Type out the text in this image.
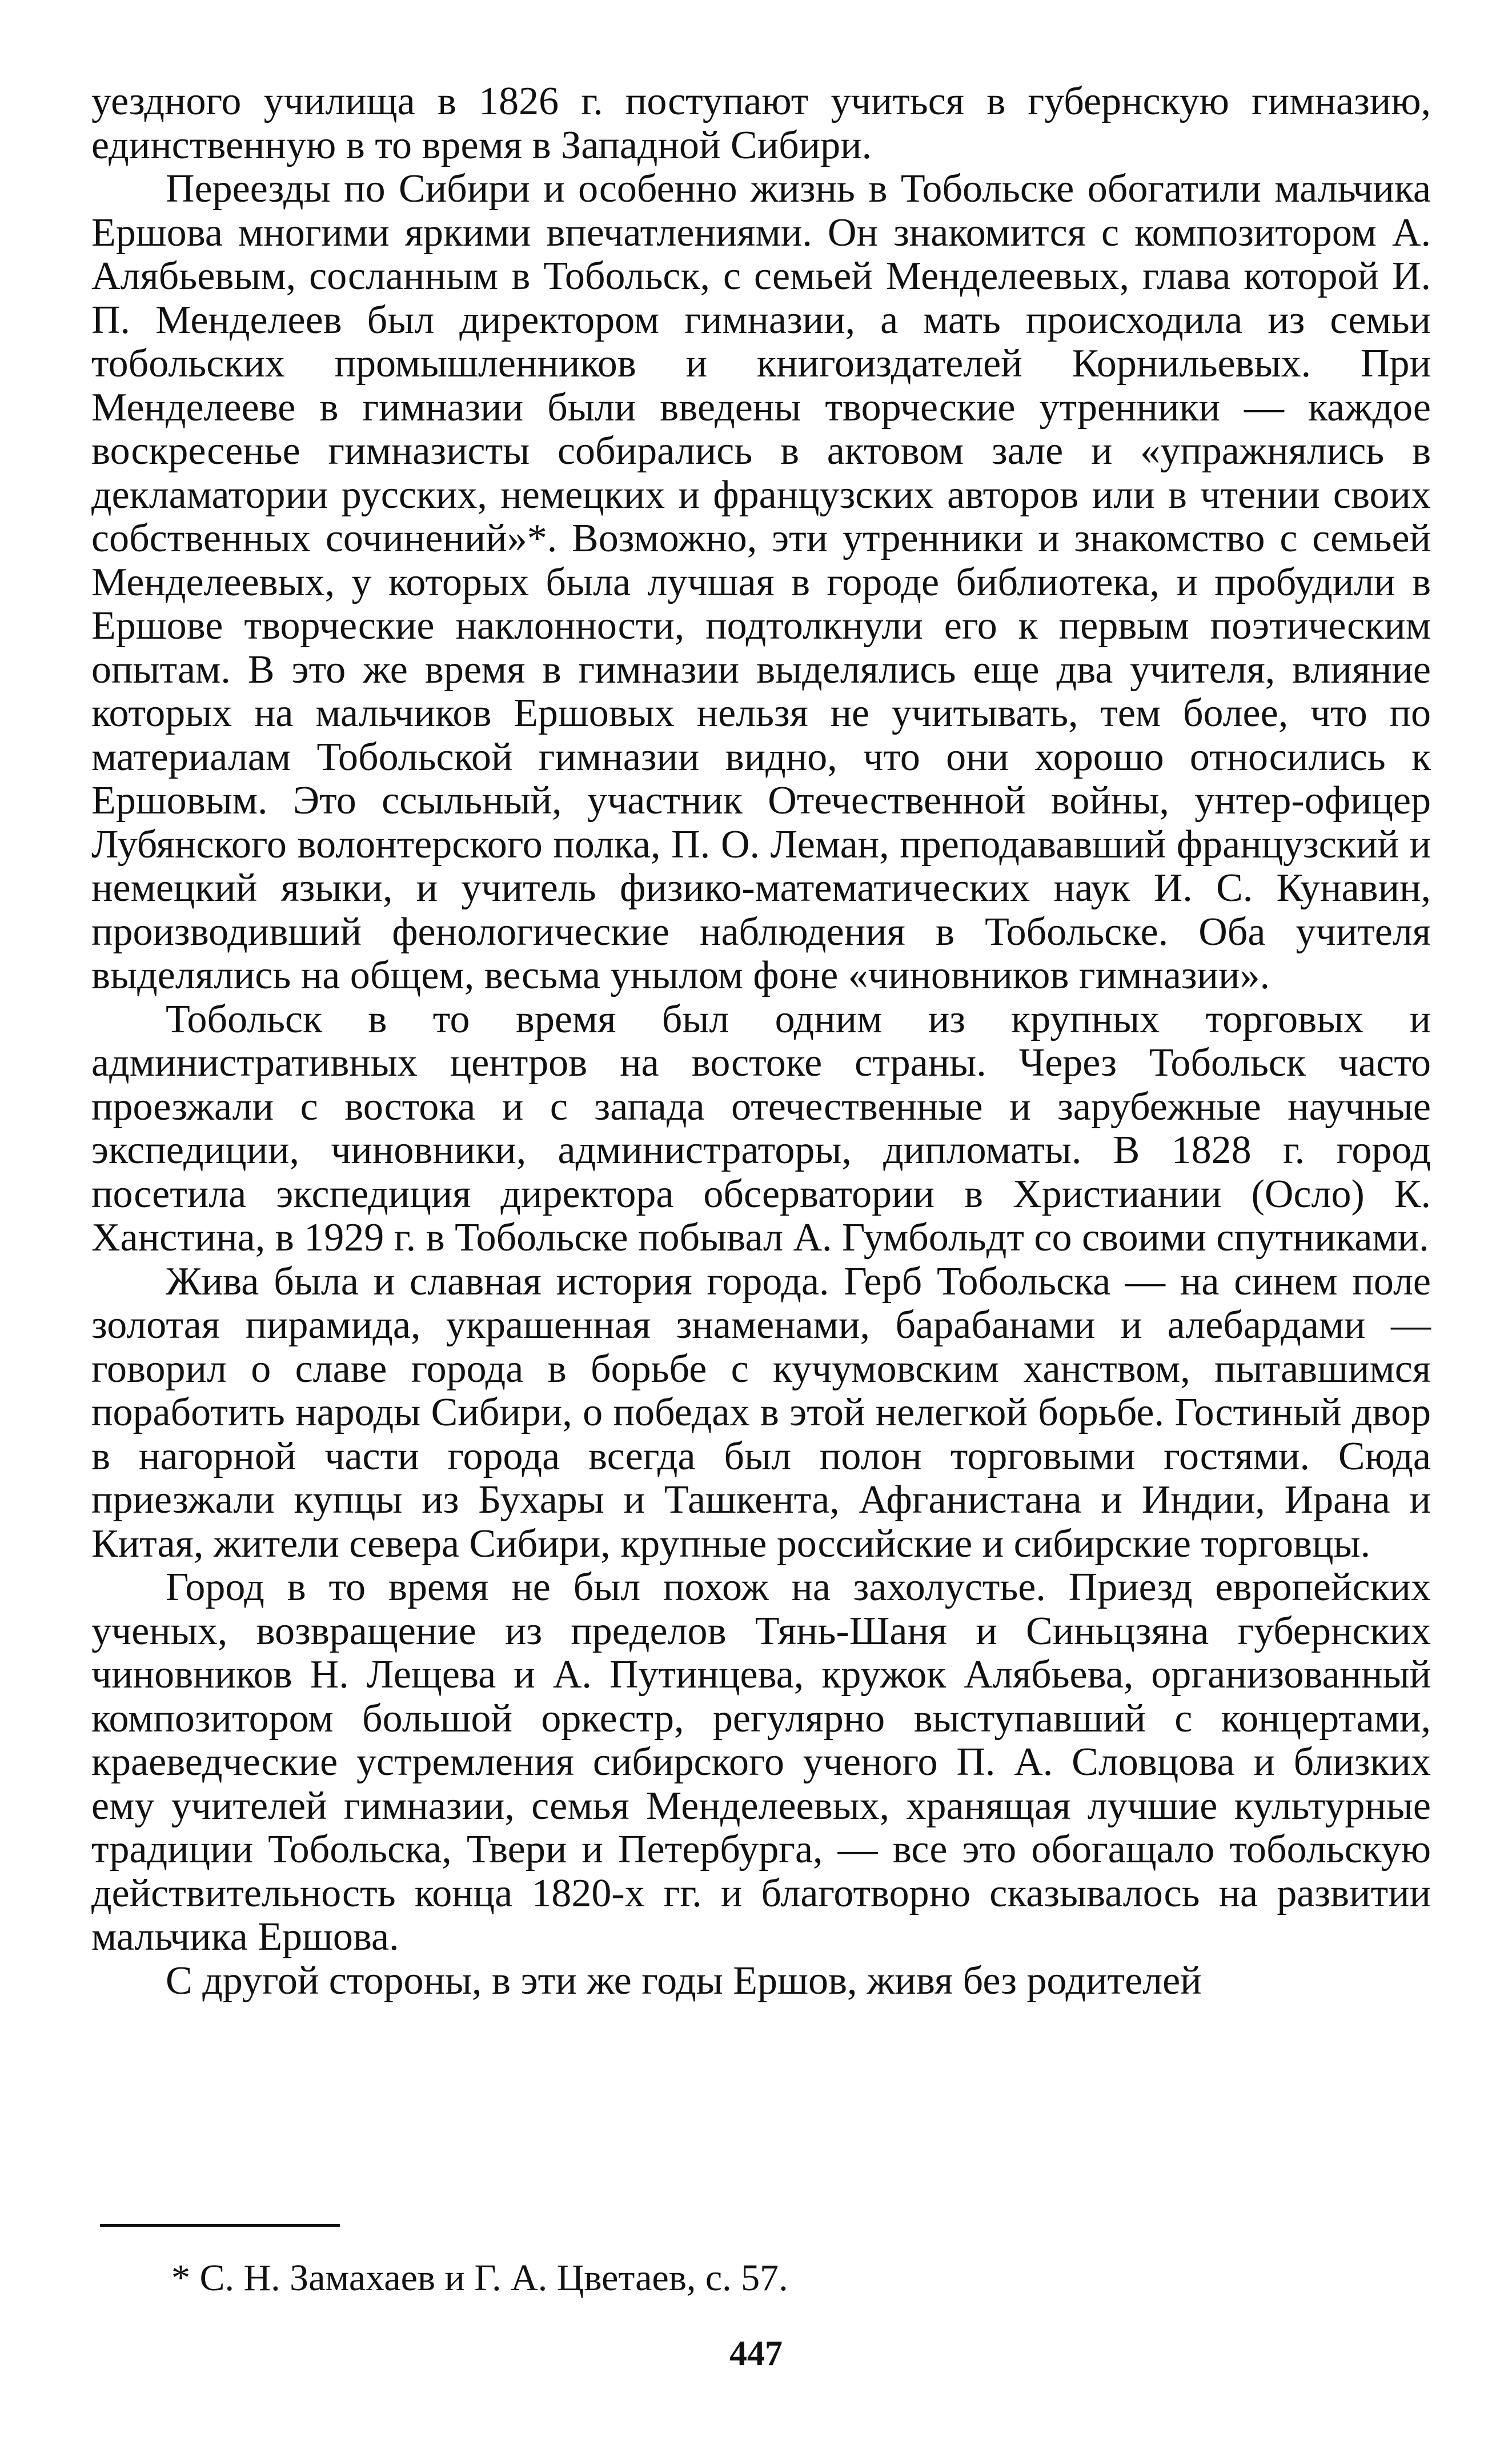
уездного училища в 1826 г. поступают учиться в губернскую гимназию, единственную в то время в Западной Сибири.

Переезды по Сибири и особенно жизнь в Тобольске обогатили мальчика Ершова многими яркими впечатлениями. Он знакомится с композитором А. Алябьевым, сосланным в Тобольск, с семьей Менделеевых, глава которой И. П. Менделеев был директором гимназии, а мать происходила из семьи тобольских промышленников и книгоиздателей Корнильевых. При Менделееве в гимназии были введены творческие утренники — каждое воскресенье гимназисты собирались в актовом зале и «упражнялись в декламатории русских, немецких и французских авторов или в чтении своих собственных сочинений»*. Возможно, эти утренники и знакомство с семьей Менделеевых, у которых была лучшая в городе библиотека, и пробудили в Ершове творческие наклонности, подтолкнули его к первым поэтическим опытам. В это же время в гимназии выделялись еще два учителя, влияние которых на мальчиков Ершовых нельзя не учитывать, тем более, что по материалам Тобольской гимназии видно, что они хорошо относились к Ершовым. Это ссыльный, участник Отечественной войны, унтер-офицер Лубянского волонтерского полка, П. О. Леман, преподававший французский и немецкий языки, и учитель физико-математических наук И. С. Кунавин, производивший фенологические наблюдения в Тобольске. Оба учителя выделялись на общем, весьма унылом фоне «чиновников гимназии».

Тобольск в то время был одним из крупных торговых и административных центров на востоке страны. Через Тобольск часто проезжали с востока и с запада отечественные и зарубежные научные экспедиции, чиновники, администраторы, дипломаты. В 1828 г. город посетила экспедиция директора обсерватории в Христиании (Осло) К. Ханстина, в 1929 г. в Тобольске побывал А. Гумбольдт со своими спутниками.

Жива была и славная история города. Герб Тобольска — на синем поле золотая пирамида, украшенная знаменами, барабанами и алебардами — говорил о славе города в борьбе с кучумовским ханством, пытавшимся поработить народы Сибири, о победах в этой нелегкой борьбе. Гостиный двор в нагорной части города всегда был полон торговыми гостями. Сюда приезжали купцы из Бухары и Ташкента, Афганистана и Индии, Ирана и Китая, жители севера Сибири, крупные российские и сибирские торговцы.

Город в то время не был похож на захолустье. Приезд европейских ученых, возвращение из пределов Тянь-Шаня и Синьцзяна губернских чиновников Н. Лещева и А. Путинцева, кружок Алябьева, организованный композитором большой оркестр, регулярно выступавший с концертами, краеведческие устремления сибирского ученого П. А. Словцова и близких ему учителей гимназии, семья Менделеевых, хранящая лучшие культурные традиции Тобольска, Твери и Петербурга, — все это обогащало тобольскую действительность конца 1820-х гг. и благотворно сказывалось на развитии мальчика Ершова.

С другой стороны, в эти же годы Ершов, живя без родителей

* С. Н. Замахаев и Г. А. Цветаев, с. 57.
447
